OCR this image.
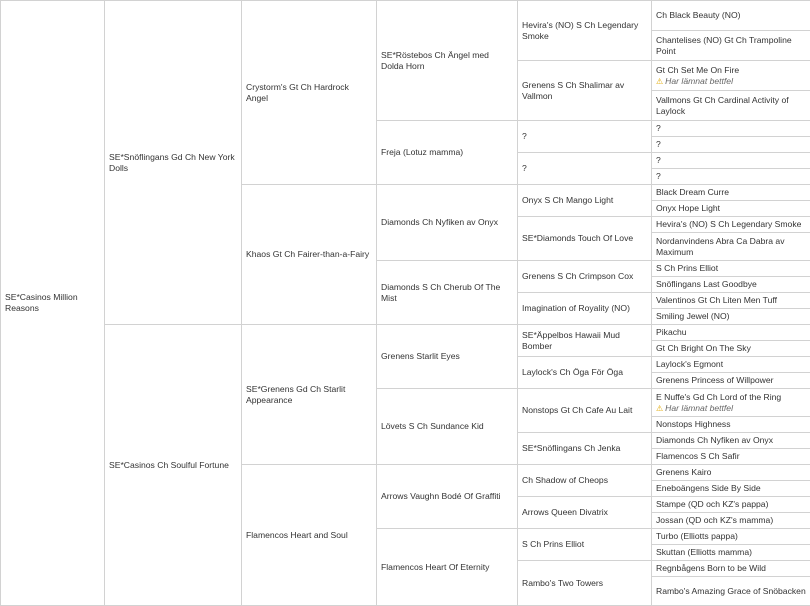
SE*Casinos Million Reasons	SE*Snöflingans Gd Ch New York Dolls	Crystorm's Gt Ch Hardrock Angel	SE*Röstebos Ch Ängel med Dolda Horn	Hevira's (NO) S Ch Legendary Smoke	Ch Black Beauty (NO)
					Chantelises (NO) Gt Ch Trampoline Point
				Grenens S Ch Shalimar av Vallmon	Gt Ch Set Me On Fire
⚠ Har lämnat bettfel

					Vallmons Gt Ch Cardinal Activity of Laylock
			Freja (Lotuz mamma)	?	?
					?
				?	?
					?
		Khaos Gt Ch Fairer-than-a-Fairy	Diamonds Ch Nyfiken av Onyx	Onyx S Ch Mango Light	Black Dream Curre
					Onyx Hope Light
				SE*Diamonds Touch Of Love	Hevira's (NO) S Ch Legendary Smoke
					Nordanvindens Abra Ca Dabra av Maximum
			Diamonds S Ch Cherub Of The Mist	Grenens S Ch Crimpson Cox	S Ch Prins Elliot
					Snöflingans Last Goodbye
				Imagination of Royality (NO)	Valentinos Gt Ch Liten Men Tuff
					Smiling Jewel (NO)
	SE*Casinos Ch Soulful Fortune	SE*Grenens Gd Ch Starlit Appearance	Grenens Starlit Eyes	SE*Äppelbos Hawaii Mud Bomber	Pikachu
					Gt Ch Bright On The Sky
				Laylock's Ch Öga För Öga	Laylock's Egmont
					Grenens Princess of Willpower
			Lövets S Ch Sundance Kid	Nonstops Gt Ch Cafe Au Lait	E Nuffe's Gd Ch Lord of the Ring
⚠ Har lämnat bettfel

					Nonstops Highness
				SE*Snöflingans Ch Jenka	Diamonds Ch Nyfiken av Onyx
					Flamencos S Ch Safir
		Flamencos Heart and Soul	Arrows Vaughn Bodé Of Graffiti	Ch Shadow of Cheops	Grenens Kairo
					Eneboängens Side By Side
				Arrows Queen Divatrix	Stampe (QD och KZ's pappa)
					Jossan (QD och KZ's mamma)
			Flamencos Heart Of Eternity	S Ch Prins Elliot	Turbo (Elliotts pappa)
					Skuttan (Elliotts mamma)
				Rambo's Two Towers	Regnbågens Born to be Wild
					Rambo's Amazing Grace of Snöbacken
